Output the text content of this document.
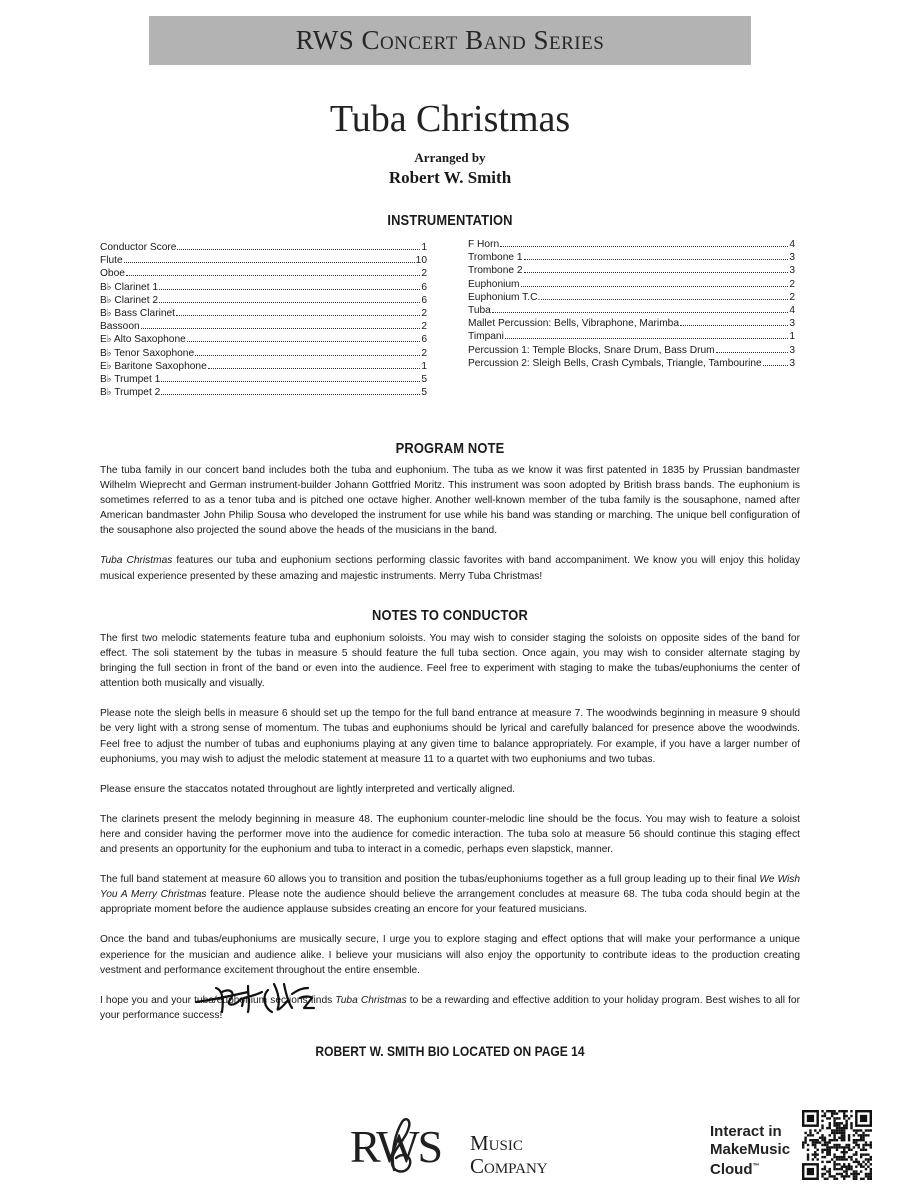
RWS Concert Band Series
Tuba Christmas
Arranged by
Robert W. Smith
INSTRUMENTATION
Conductor Score	1
Flute	10
Oboe	2
B♭ Clarinet 1	6
B♭ Clarinet 2	6
B♭ Bass Clarinet	2
Bassoon	2
E♭ Alto Saxophone	6
B♭ Tenor Saxophone	2
E♭ Baritone Saxophone	1
B♭ Trumpet 1	5
B♭ Trumpet 2	5
F Horn	4
Trombone 1	3
Trombone 2	3
Euphonium	2
Euphonium T.C.	2
Tuba	4
Mallet Percussion: Bells, Vibraphone, Marimba	3
Timpani	1
Percussion 1: Temple Blocks, Snare Drum, Bass Drum	3
Percussion 2: Sleigh Bells, Crash Cymbals, Triangle, Tambourine	3
PROGRAM NOTE

The tuba family in our concert band includes both the tuba and euphonium. The tuba as we know it was first patented in 1835 by Prussian bandmaster Wilhelm Wieprecht and German instrument-builder Johann Gottfried Moritz. This instrument was soon adopted by British brass bands. The euphonium is sometimes referred to as a tenor tuba and is pitched one octave higher. Another well-known member of the tuba family is the sousaphone, named after American bandmaster John Philip Sousa who developed the instrument for use while his band was standing or marching. The unique bell configuration of the sousaphone also projected the sound above the heads of the musicians in the band.

Tuba Christmas features our tuba and euphonium sections performing classic favorites with band accompaniment. We know you will enjoy this holiday musical experience presented by these amazing and majestic instruments. Merry Tuba Christmas!

NOTES TO CONDUCTOR

The first two melodic statements feature tuba and euphonium soloists. You may wish to consider staging the soloists on opposite sides of the band for effect. The soli statement by the tubas in measure 5 should feature the full tuba section. Once again, you may wish to consider alternate staging by bringing the full section in front of the band or even into the audience. Feel free to experiment with staging to make the tubas/euphoniums the center of attention both musically and visually.

Please note the sleigh bells in measure 6 should set up the tempo for the full band entrance at measure 7. The woodwinds beginning in measure 9 should be very light with a strong sense of momentum. The tubas and euphoniums should be lyrical and carefully balanced for presence above the woodwinds. Feel free to adjust the number of tubas and euphoniums playing at any given time to balance appropriately. For example, if you have a larger number of euphoniums, you may wish to adjust the melodic statement at measure 11 to a quartet with two euphoniums and two tubas.

Please ensure the staccatos notated throughout are lightly interpreted and vertically aligned.

The clarinets present the melody beginning in measure 48. The euphonium counter-melodic line should be the focus. You may wish to feature a soloist here and consider having the performer move into the audience for comedic interaction. The tuba solo at measure 56 should continue this staging effect and presents an opportunity for the euphonium and tuba to interact in a comedic, perhaps even slapstick, manner.

The full band statement at measure 60 allows you to transition and position the tubas/euphoniums together as a full group leading up to their final We Wish You A Merry Christmas feature. Please note the audience should believe the arrangement concludes at measure 68. The tuba coda should begin at the appropriate moment before the audience applause subsides creating an encore for your featured musicians.

Once the band and tubas/euphoniums are musically secure, I urge you to explore staging and effect options that will make your performance a unique experience for the musician and audience alike. I believe your musicians will also enjoy the opportunity to contribute ideas to the production creating vestment and performance excitement throughout the entire ensemble.

I hope you and your tuba/euphonium sections finds Tuba Christmas to be a rewarding and effective addition to your holiday program. Best wishes to all for your performance success!

ROBERT W. SMITH BIO LOCATED ON PAGE 14
RWS Music
Company
Interact in
MakeMusic
Cloud™
